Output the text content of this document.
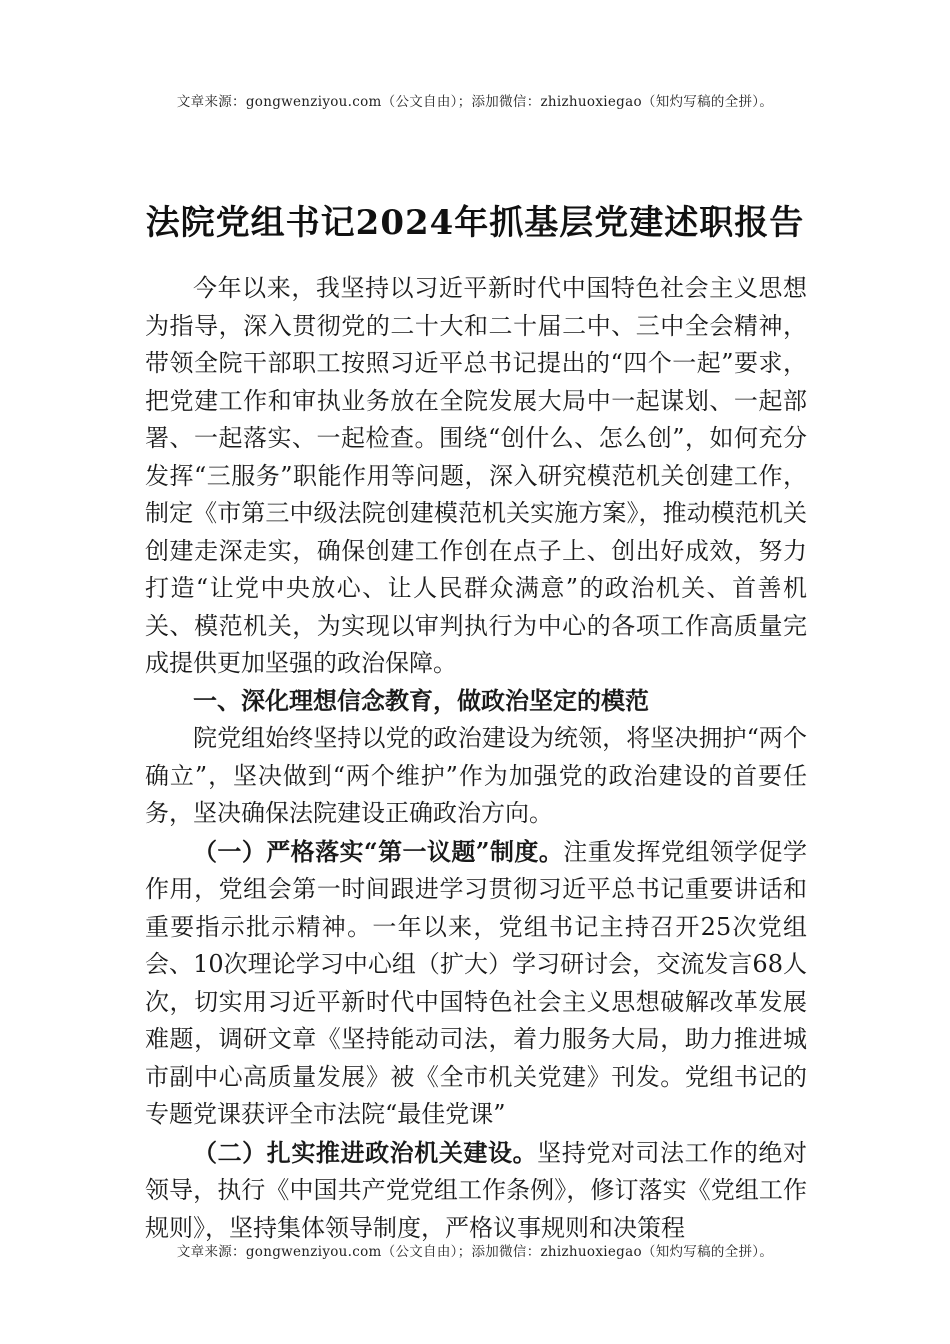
文章来源：gongwenziyou.com（公文自由）；添加微信：zhizhuoxiegao（知灼写稿的全拼）。
法院党组书记2024年抓基层党建述职报告

今年以来，我坚持以习近平新时代中国特色社会主义思想为指导，深入贯彻党的二十大和二十届二中、三中全会精神，带领全院干部职工按照习近平总书记提出的“四个一起”要求，把党建工作和审执业务放在全院发展大局中一起谋划、一起部署、一起落实、一起检查。围绕“创什么、怎么创”，如何充分发挥“三服务”职能作用等问题，深入研究模范机关创建工作，制定《市第三中级法院创建模范机关实施方案》，推动模范机关创建走深走实，确保创建工作创在点子上、创出好成效，努力打造“让党中央放心、让人民群众满意”的政治机关、首善机关、模范机关，为实现以审判执行为中心的各项工作高质量完成提供更加坚强的政治保障。

一、深化理想信念教育，做政治坚定的模范

院党组始终坚持以党的政治建设为统领，将坚决拥护“两个确立”，坚决做到“两个维护”作为加强党的政治建设的首要任务，坚决确保法院建设正确政治方向。

（一）严格落实“第一议题”制度。注重发挥党组领学促学作用，党组会第一时间跟进学习贯彻习近平总书记重要讲话和重要指示批示精神。一年以来，党组书记主持召开25次党组会、10次理论学习中心组（扩大）学习研讨会，交流发言68人次，切实用习近平新时代中国特色社会主义思想破解改革发展难题，调研文章《坚持能动司法，着力服务大局，助力推进城市副中心高质量发展》被《全市机关党建》刊发。党组书记的专题党课获评全市法院“最佳党课”

（二）扎实推进政治机关建设。坚持党对司法工作的绝对领导，执行《中国共产党党组工作条例》，修订落实《党组工作规则》，坚持集体领导制度，严格议事规则和决策程

文章来源：gongwenziyou.com（公文自由）；添加微信：zhizhuoxiegao（知灼写稿的全拼）。
